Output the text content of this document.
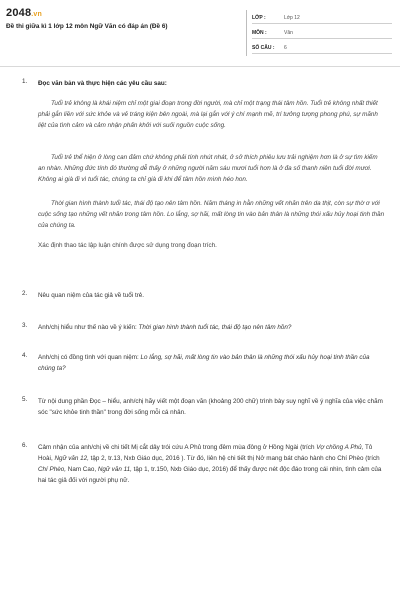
2048.vn
Đề thi giữa kì 1 lớp 12 môn Ngữ Văn có đáp án (Đề 6)
LỚP :	Lớp 12
MÔN :	Văn
SỐ CÂU : 6
1. Đọc văn bản và thực hiện các yêu cầu sau:
Tuổi trẻ không là khái niệm chỉ một giai đoạn trong đời người, mà chỉ một trạng thái tâm hồn. Tuổi trẻ không nhất thiết phải gắn liền với sức khỏe và vẻ tráng kiện bên ngoài, mà lại gắn với ý chí mạnh mẽ, trí tưởng tượng phong phú, sự mãnh liệt của tình cảm và cảm nhận phấn khởi với suối nguồn cuộc sống.
Tuổi trẻ thể hiện ở lòng can đảm chứ không phải tính nhút nhát, ở sở thích phiêu lưu trải nghiệm hơn là ở sự tìm kiếm an nhàn. Những đức tính đó thường dễ thấy ở những người năm sáu mươi tuổi hơn là ở đa số thanh niên tuổi đời mươi. Không ai già đi vì tuổi tác, chúng ta chỉ già đi khi để tâm hồn mình héo hon.
Thời gian hình thành tuổi tác, thái độ tạo nên tâm hồn. Năm tháng in hằn những vết nhăn trên da thịt, còn sự thờ ơ với cuộc sống tạo những vết nhăn trong tâm hồn. Lo lắng, sợ hãi, mất lòng tin vào bản thân là những thói xấu hủy hoại tinh thần của chúng ta.
Xác định thao tác lập luận chính được sử dụng trong đoạn trích.
2. Nêu quan niệm của tác giả về tuổi trẻ.
3. Anh/chị hiểu như thế nào về ý kiến: Thời gian hình thành tuổi tác, thái độ tạo nên tâm hồn?
4. Anh/chị có đồng tình với quan niệm: Lo lắng, sợ hãi, mất lòng tin vào bản thân là những thói xấu hủy hoại tinh thần của chúng ta?
5. Từ nội dung phần Đọc – hiểu, anh/chị hãy viết một đoạn văn (khoảng 200 chữ) trình bày suy nghĩ về ý nghĩa của việc chăm sóc "sức khỏe tinh thần" trong đời sống mỗi cá nhân.
6. Cảm nhận của anh/chị về chi tiết Mị cắt dây trói cứu A Phủ trong đêm mùa đông ở Hồng Ngài (trích Vợ chồng A Phủ, Tô Hoài, Ngữ văn 12, tập 2, tr.13, Nxb Giáo dục, 2016 ). Từ đó, liên hệ chi tiết thị Nở mang bát cháo hành cho Chí Phèo (trích Chí Phèo, Nam Cao, Ngữ văn 11, tập 1, tr.150, Nxb Giáo dục, 2016) để thấy được nét độc đáo trong cái nhìn, tình cảm của hai tác giả đối với người phụ nữ.
